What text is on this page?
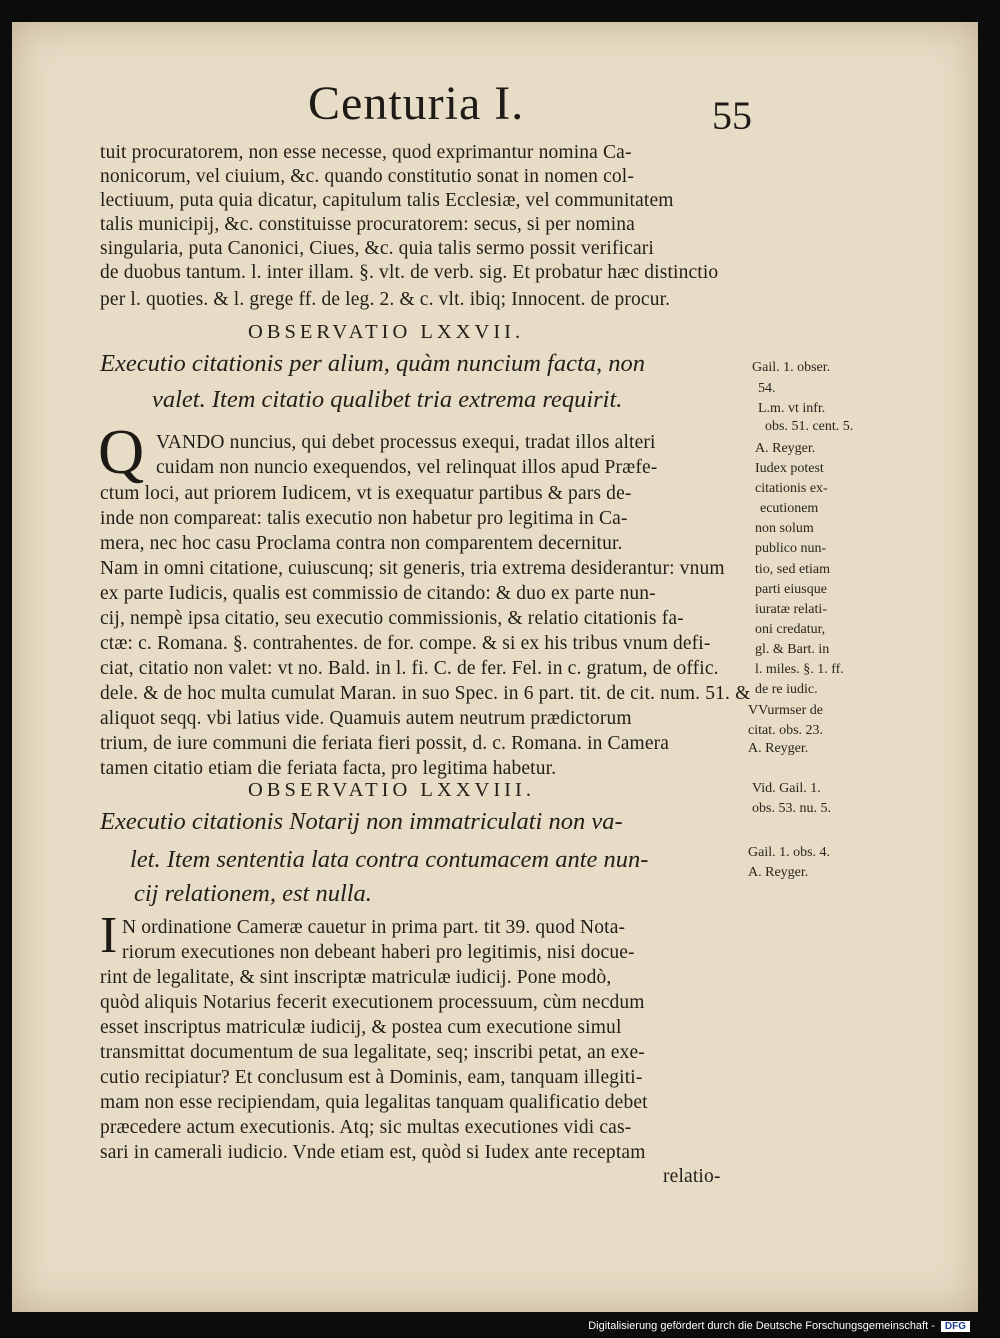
Centuria I.	55
tuit procuratorem, non esse necesse, quod exprimantur nomina Ca-
nonicorum, vel ciuium, &c. quando constitutio sonat in nomen col-
lectiuum, puta quia dicatur, capitulum talis Ecclesiæ, vel communitatem
talis municipij, &c. constituisse procuratorem: secus, si per nomina
singularia, puta Canonici, Ciues, &c. quia talis sermo possit verificari
de duobus tantum. l. inter illam. §. vlt. de verb. sig. Et probatur hæc distinctio
per l. quoties. & l. grege ff. de leg. 2. & c. vlt. ibiq; Innocent. de procur.
OBSERVATIO LXXVII.
Executio citationis per alium, quàm nuncium facta, non
valet. Item citatio qualibet tria extrema requirit.
Q VANDO nuncius, qui debet processus exequi, tradat illos alteri
cuidam non nuncio exequendos, vel relinquat illos apud Præfe-
ctum loci, aut priorem Iudicem, vt is exequatur partibus & pars de-
inde non compareat: talis executio non habetur pro legitima in Ca-
mera, nec hoc casu Proclama contra non comparentem decernitur.
Nam in omni citatione, cuiuscunq; sit generis, tria extrema desiderantur: vnum
ex parte Iudicis, qualis est commissio de citando: & duo ex parte nun-
cij, nempè ipsa citatio, seu executio commissionis, & relatio citationis fa-
ctæ: c. Romana. §. contrahentes. de for. compe. & si ex his tribus vnum defi-
ciat, citatio non valet: vt no. Bald. in l. fi. C. de fer. Fel. in c. gratum, de offic.
dele. & de hoc multa cumulat Maran. in suo Spec. in 6 part. tit. de cit. num. 51. &
aliquot seqq. vbi latius vide. Quamuis autem neutrum prædictorum
trium, de iure communi die feriata fieri possit, d. c. Romana. in Camera
tamen citatio etiam die feriata facta, pro legitima habetur.
OBSERVATIO LXXVIII.
Executio citationis Notarij non immatriculati non va-
let. Item sententia lata contra contumacem ante nun-
cij relationem, est nulla.
I N ordinatione Cameræ cauetur in prima part. tit 39. quod Nota-
riorum executiones non debeant haberi pro legitimis, nisi docue-
rint de legalitate, & sint inscriptæ matriculæ iudicij. Pone modò,
quòd aliquis Notarius fecerit executionem processuum, cùm necdum
esset inscriptus matriculæ iudicij, & postea cum executione simul
transmittat documentum de sua legalitate, seq; inscribi petat, an exe-
cutio recipiatur? Et conclusum est à Dominis, eam, tanquam illegiti-
mam non esse recipiendam, quia legalitas tanquam qualificatio debet
præcedere actum executionis. Atq; sic multas executiones vidi cas-
sari in camerali iudicio. Vnde etiam est, quòd si Iudex ante receptam
relatio-
Gail. 1. obser.
54.
L.m. vt infr.
obs. 51. cent. 5.
A. Reyger.
Iudex potest
citationis ex-
ecutionem
non solum
publico nun-
tio, sed etiam
parti eiusque
iuratæ relati-
oni credatur,
gl. & Bart. in
l. miles. §. 1. ff.
de re iudic.
VVurmser de
citat. obs. 23.
A. Reyger.
Vid. Gail. 1.
obs. 53. nu. 5.
Gail. 1. obs. 4.
A. Reyger.
Digitalisierung gefördert durch die Deutsche Forschungsgemeinschaft - DFG
